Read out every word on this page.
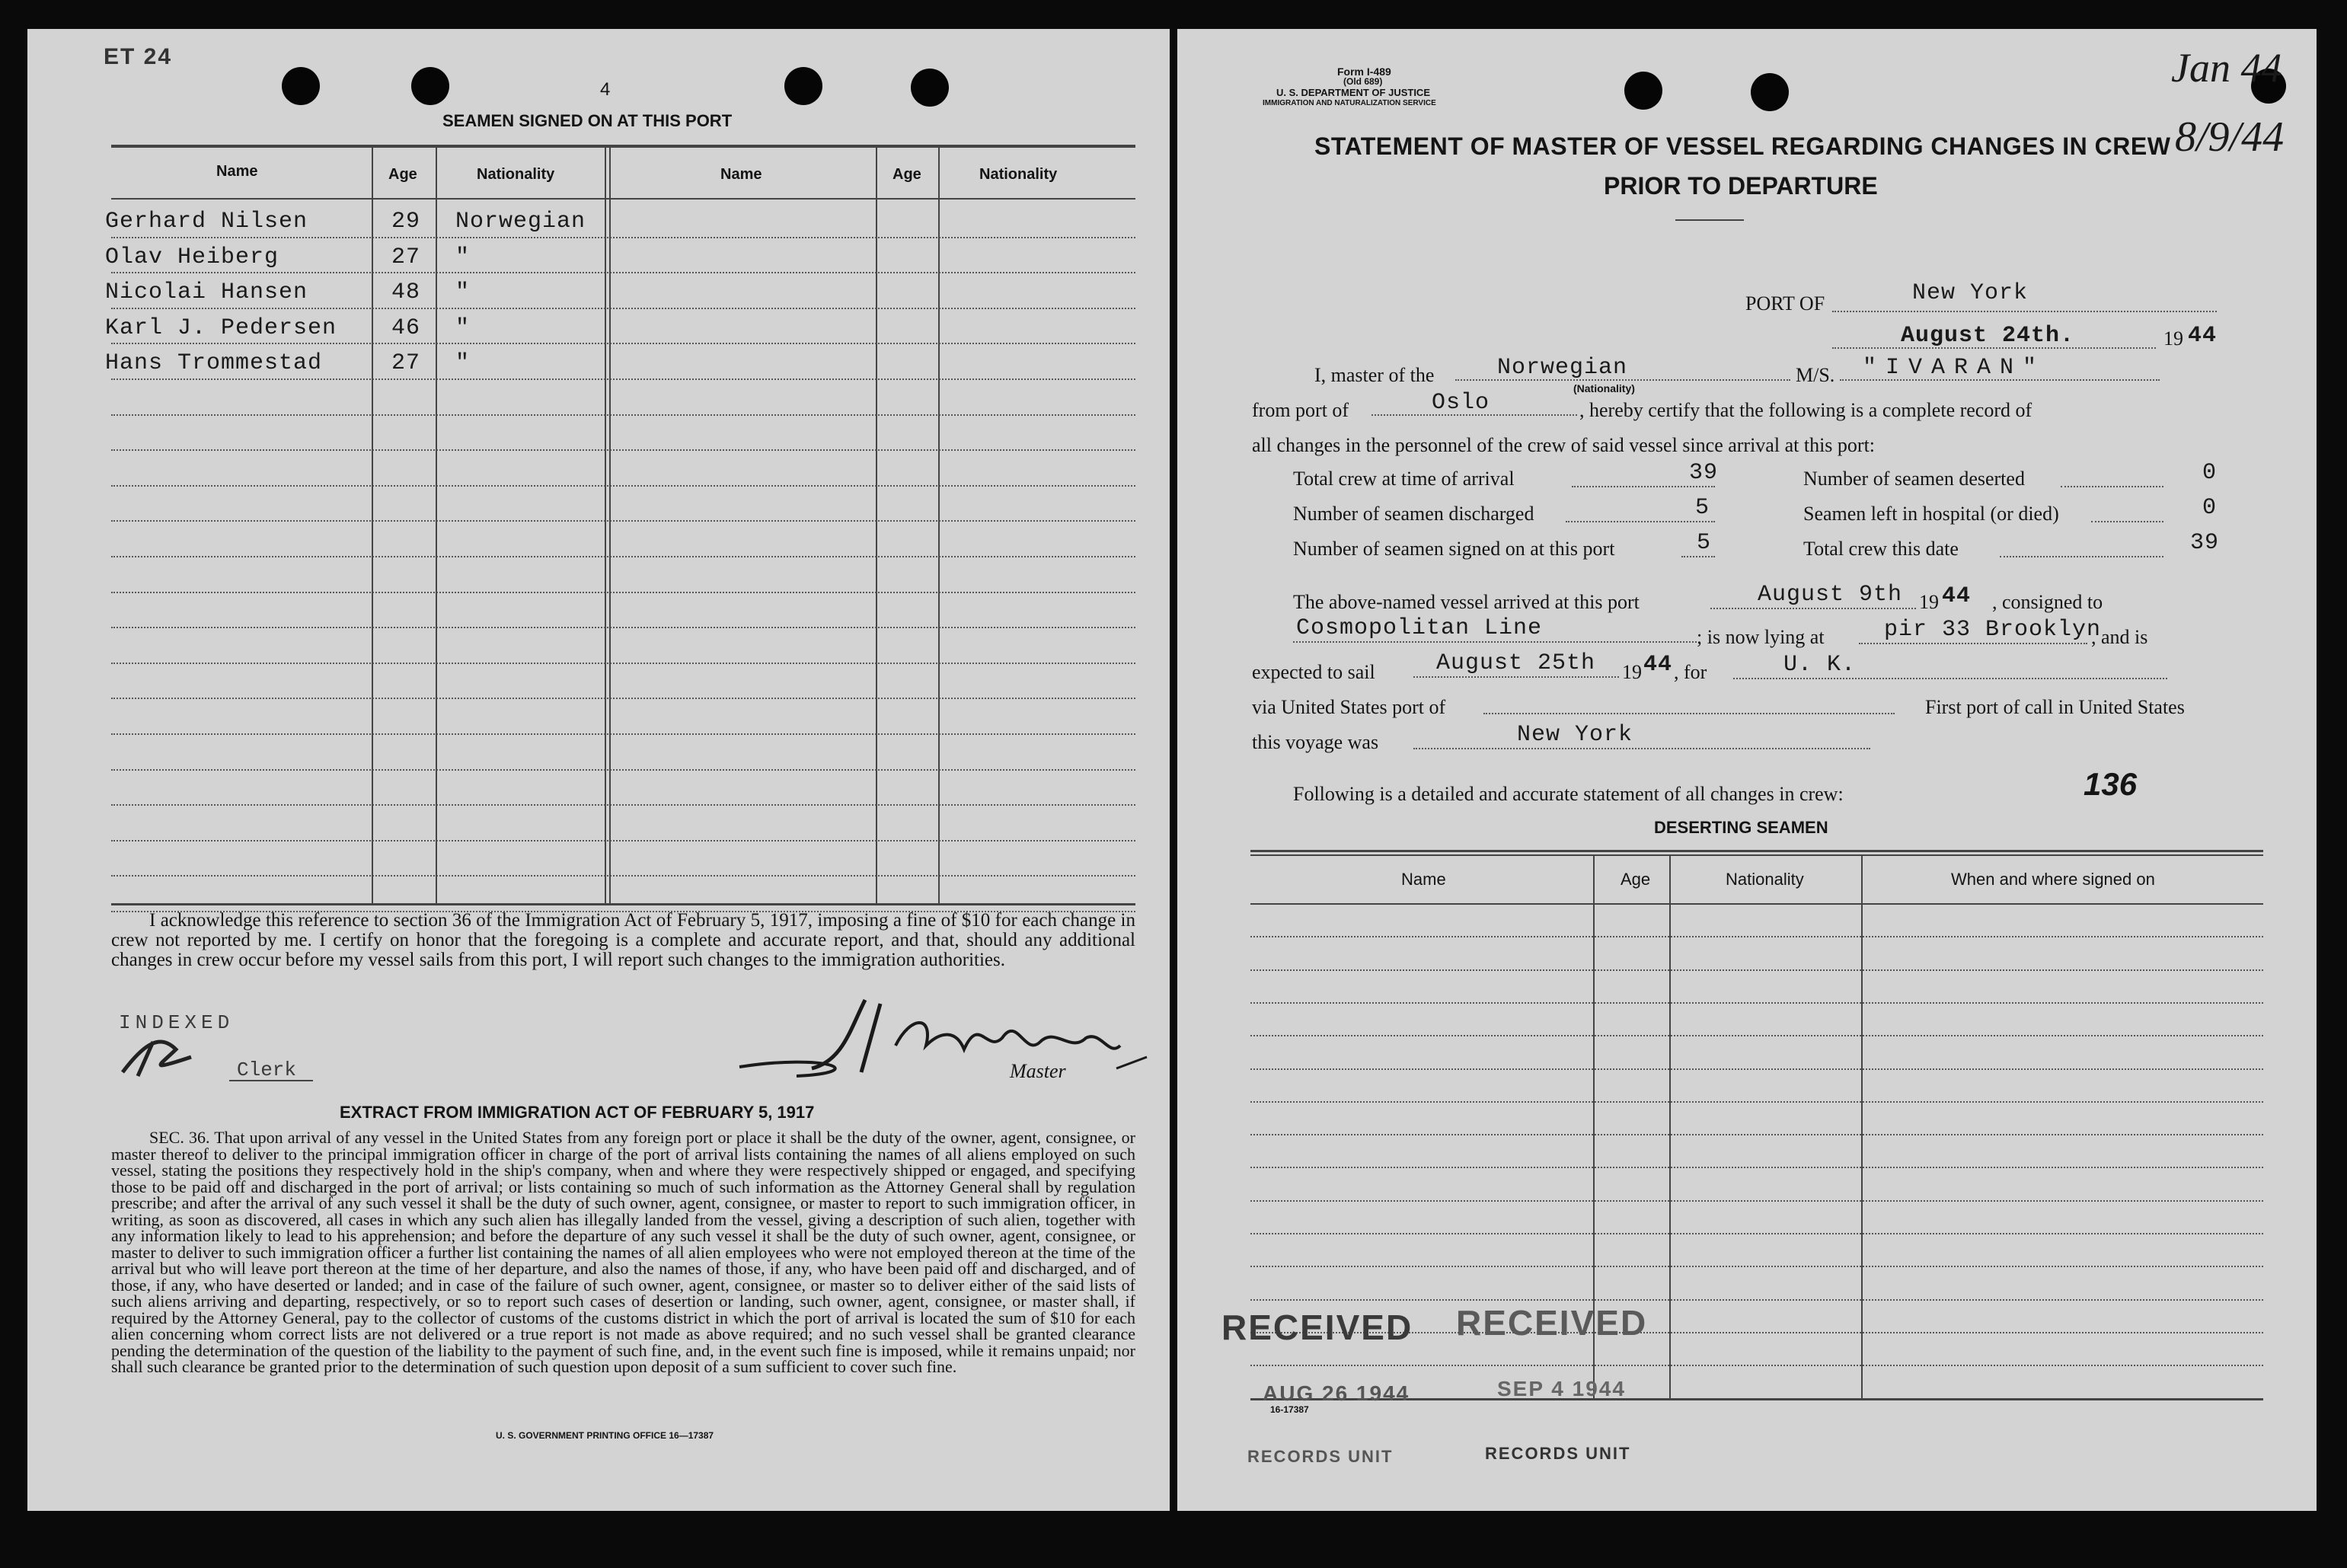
ET 24
4
SEAMEN SIGNED ON AT THIS PORT
Name	Age	Nationality	Name	Age	Nationality
Gerhard Nilsen	29 Norwegian
Olav Heiberg	27 "
Nicolai Hansen	48 "
Karl J. Pedersen 46 "
Hans Trommestad	27 "
I acknowledge this reference to section 36 of the Immigration Act of February 5, 1917, imposing a fine of $10 for each change in crew not reported by me. I certify on honor that the foregoing is a complete and accurate report, and that, should any additional changes in crew occur before my vessel sails from this port, I will report such changes to the immigration authorities.
INDEXED
Clerk	Master
EXTRACT FROM IMMIGRATION ACT OF FEBRUARY 5, 1917
SEC. 36. That upon arrival of any vessel in the United States from any foreign port or place it shall be the duty of the owner, agent, consignee, or master thereof to deliver to the principal immigration officer in charge of the port of arrival lists containing the names of all aliens employed on such vessel, stating the positions they respectively hold in the ship's company, when and where they were respectively shipped or engaged, and specifying those to be paid off and discharged in the port of arrival; or lists containing so much of such information as the Attorney General shall by regulation prescribe; and after the arrival of any such vessel it shall be the duty of such owner, agent, consignee, or master to report to such immigration officer, in writing, as soon as discovered, all cases in which any such alien has illegally landed from the vessel, giving a description of such alien, together with any information likely to lead to his apprehension; and before the departure of any such vessel it shall be the duty of such owner, agent, consignee, or master to deliver to such immigration officer a further list containing the names of all alien employees who were not employed thereon at the time of the arrival but who will leave port thereon at the time of her departure, and also the names of those, if any, who have been paid off and discharged, and of those, if any, who have deserted or landed; and in case of the failure of such owner, agent, consignee, or master so to deliver either of the said lists of such aliens arriving and departing, respectively, or so to report such cases of desertion or landing, such owner, agent, consignee, or master shall, if required by the Attorney General, pay to the collector of customs of the customs district in which the port of arrival is located the sum of $10 for each alien concerning whom correct lists are not delivered or a true report is not made as above required; and no such vessel shall be granted clearance pending the determination of the question of the liability to the payment of such fine, and, in the event such fine is imposed, while it remains unpaid; nor shall such clearance be granted prior to the determination of such question upon deposit of a sum sufficient to cover such fine.
U. S. GOVERNMENT PRINTING OFFICE 16—17387
Form I-489
(Old 689)
U. S. DEPARTMENT OF JUSTICE
IMMIGRATION AND NATURALIZATION SERVICE
Jan 44
8/9/44
STATEMENT OF MASTER OF VESSEL REGARDING CHANGES IN CREW
PRIOR TO DEPARTURE
PORT OF	New York
August 24th.	19 44
I, master of the	Norwegian
(Nationality)
M/S. "IVARAN"
from port of	Oslo	, hereby certify that the following is a complete record of
all changes in the personnel of the crew of said vessel since arrival at this port:
Total crew at time of arrival	39
Number of seamen discharged	5
Number of seamen signed on at this port	5
Number of seamen deserted	0
Seamen left in hospital (or died)	0
Total crew this date	39
The above-named vessel arrived at this port	August 9th 19 44 , consigned to
Cosmopolitan Line	; is now lying at	pir 33 Brooklyn
, and is
expected to sail	August 25th 19 44 , for	U. K.
via United States port of	First port of call in United States
this voyage was	New York
Following is a detailed and accurate statement of all changes in crew:	136
DESERTING SEAMEN
Name	Age	Nationality	When and where signed on
RECEIVED RECEIVED
AUG 26 1944	SEP 4 1944
16-17387
RECORDS UNIT	RECORDS UNIT
